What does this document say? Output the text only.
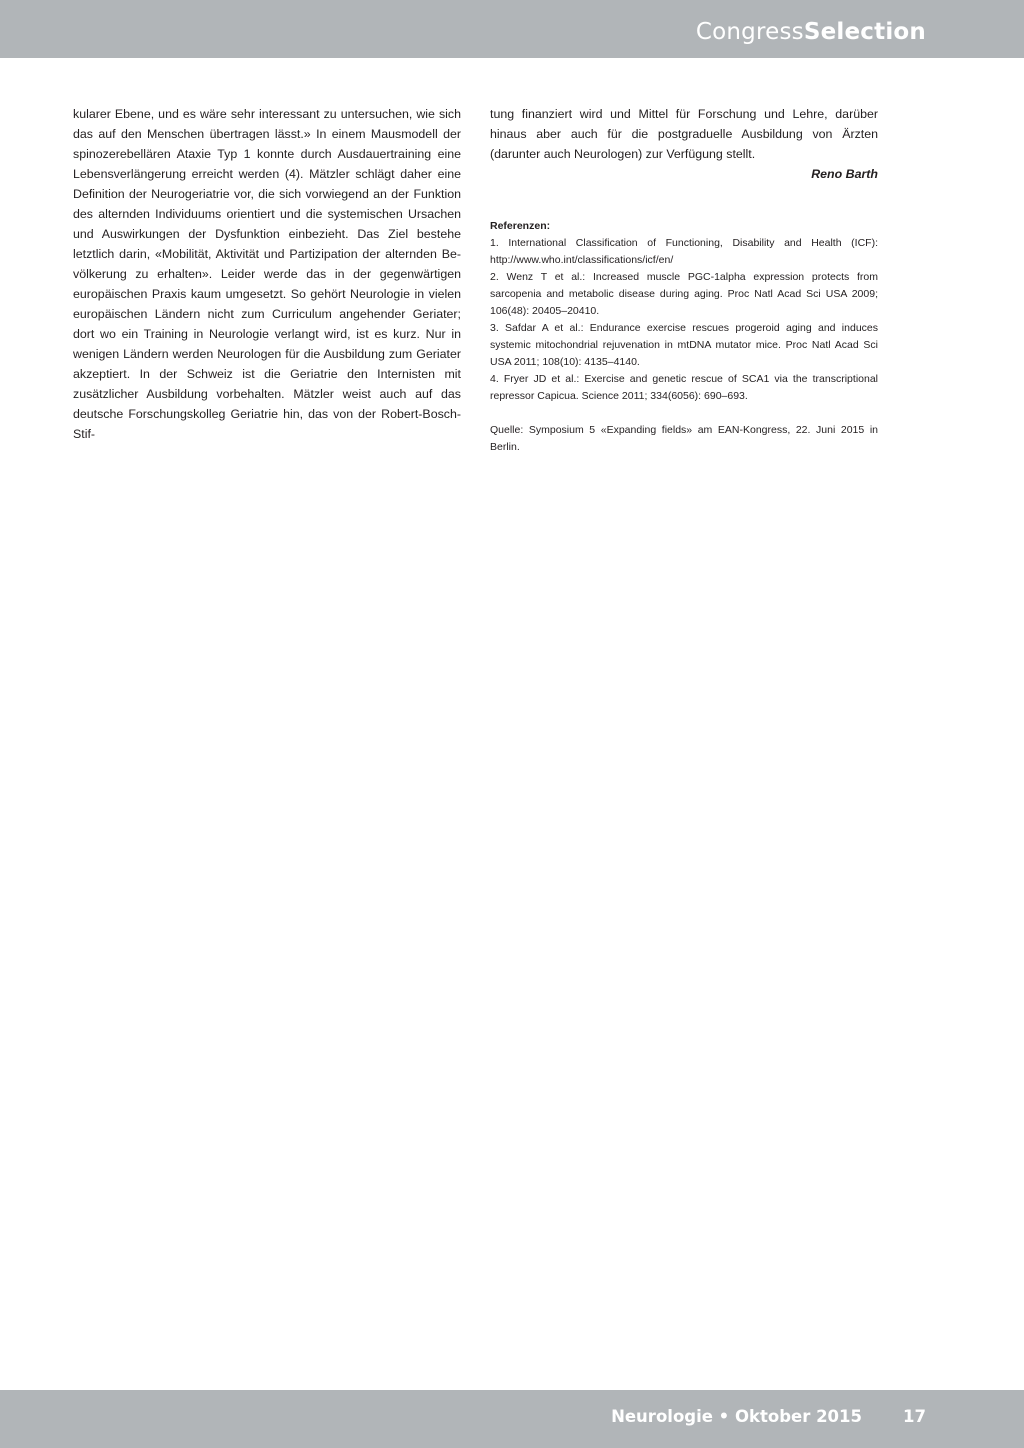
CongressSelection

kularer Ebene, und es wäre sehr interessant zu untersuchen, wie sich das auf den Menschen übertragen lässt.» In einem Mausmodell der spinozerebellären Ataxie Typ 1 konnte durch Ausdauertraining eine Lebensverlängerung erreicht werden (4). Mätzler schlägt daher eine Definition der Neurogeriatrie vor, die sich vorwiegend an der Funktion des alternden Individuums orientiert und die systemischen Ursachen und Auswirkungen der Dysfunktion einbezieht. Das Ziel bestehe letztlich darin, «Mobilität, Aktivität und Partizipation der alternden Bevölkerung zu erhalten». Leider werde das in der gegenwärtigen europäischen Praxis kaum umgesetzt. So gehört Neurologie in vielen europäischen Ländern nicht zum Curriculum angehender Geriater; dort wo ein Training in Neurologie verlangt wird, ist es kurz. Nur in wenigen Ländern werden Neurologen für die Ausbildung zum Geriater akzeptiert. In der Schweiz ist die Geriatrie den Internisten mit zusätzlicher Ausbildung vorbehalten. Mätzler weist auch auf das deutsche Forschungskolleg Geriatrie hin, das von der Robert-Bosch-Stif-

tung finanziert wird und Mittel für Forschung und Lehre, darüber hinaus aber auch für die postgraduelle Ausbildung von Ärzten (darunter auch Neurologen) zur Verfügung stellt.

Reno Barth

Referenzen:

1. International Classification of Functioning, Disability and Health (ICF): http://www.who.int/classifications/icf/en/
2. Wenz T et al.: Increased muscle PGC-1alpha expression protects from sarcopenia and metabolic disease during aging. Proc Natl Acad Sci USA 2009; 106(48): 20405–20410.
3. Safdar A et al.: Endurance exercise rescues progeroid aging and induces systemic mitochondrial rejuvenation in mtDNA mutator mice. Proc Natl Acad Sci USA 2011; 108(10): 4135–4140.
4. Fryer JD et al.: Exercise and genetic rescue of SCA1 via the transcriptional repressor Capicua. Science 2011; 334(6056): 690–693.

Quelle: Symposium 5 «Expanding fields» am EAN-Kongress, 22. Juni 2015 in Berlin.

Neurologie • Oktober 2015 17
